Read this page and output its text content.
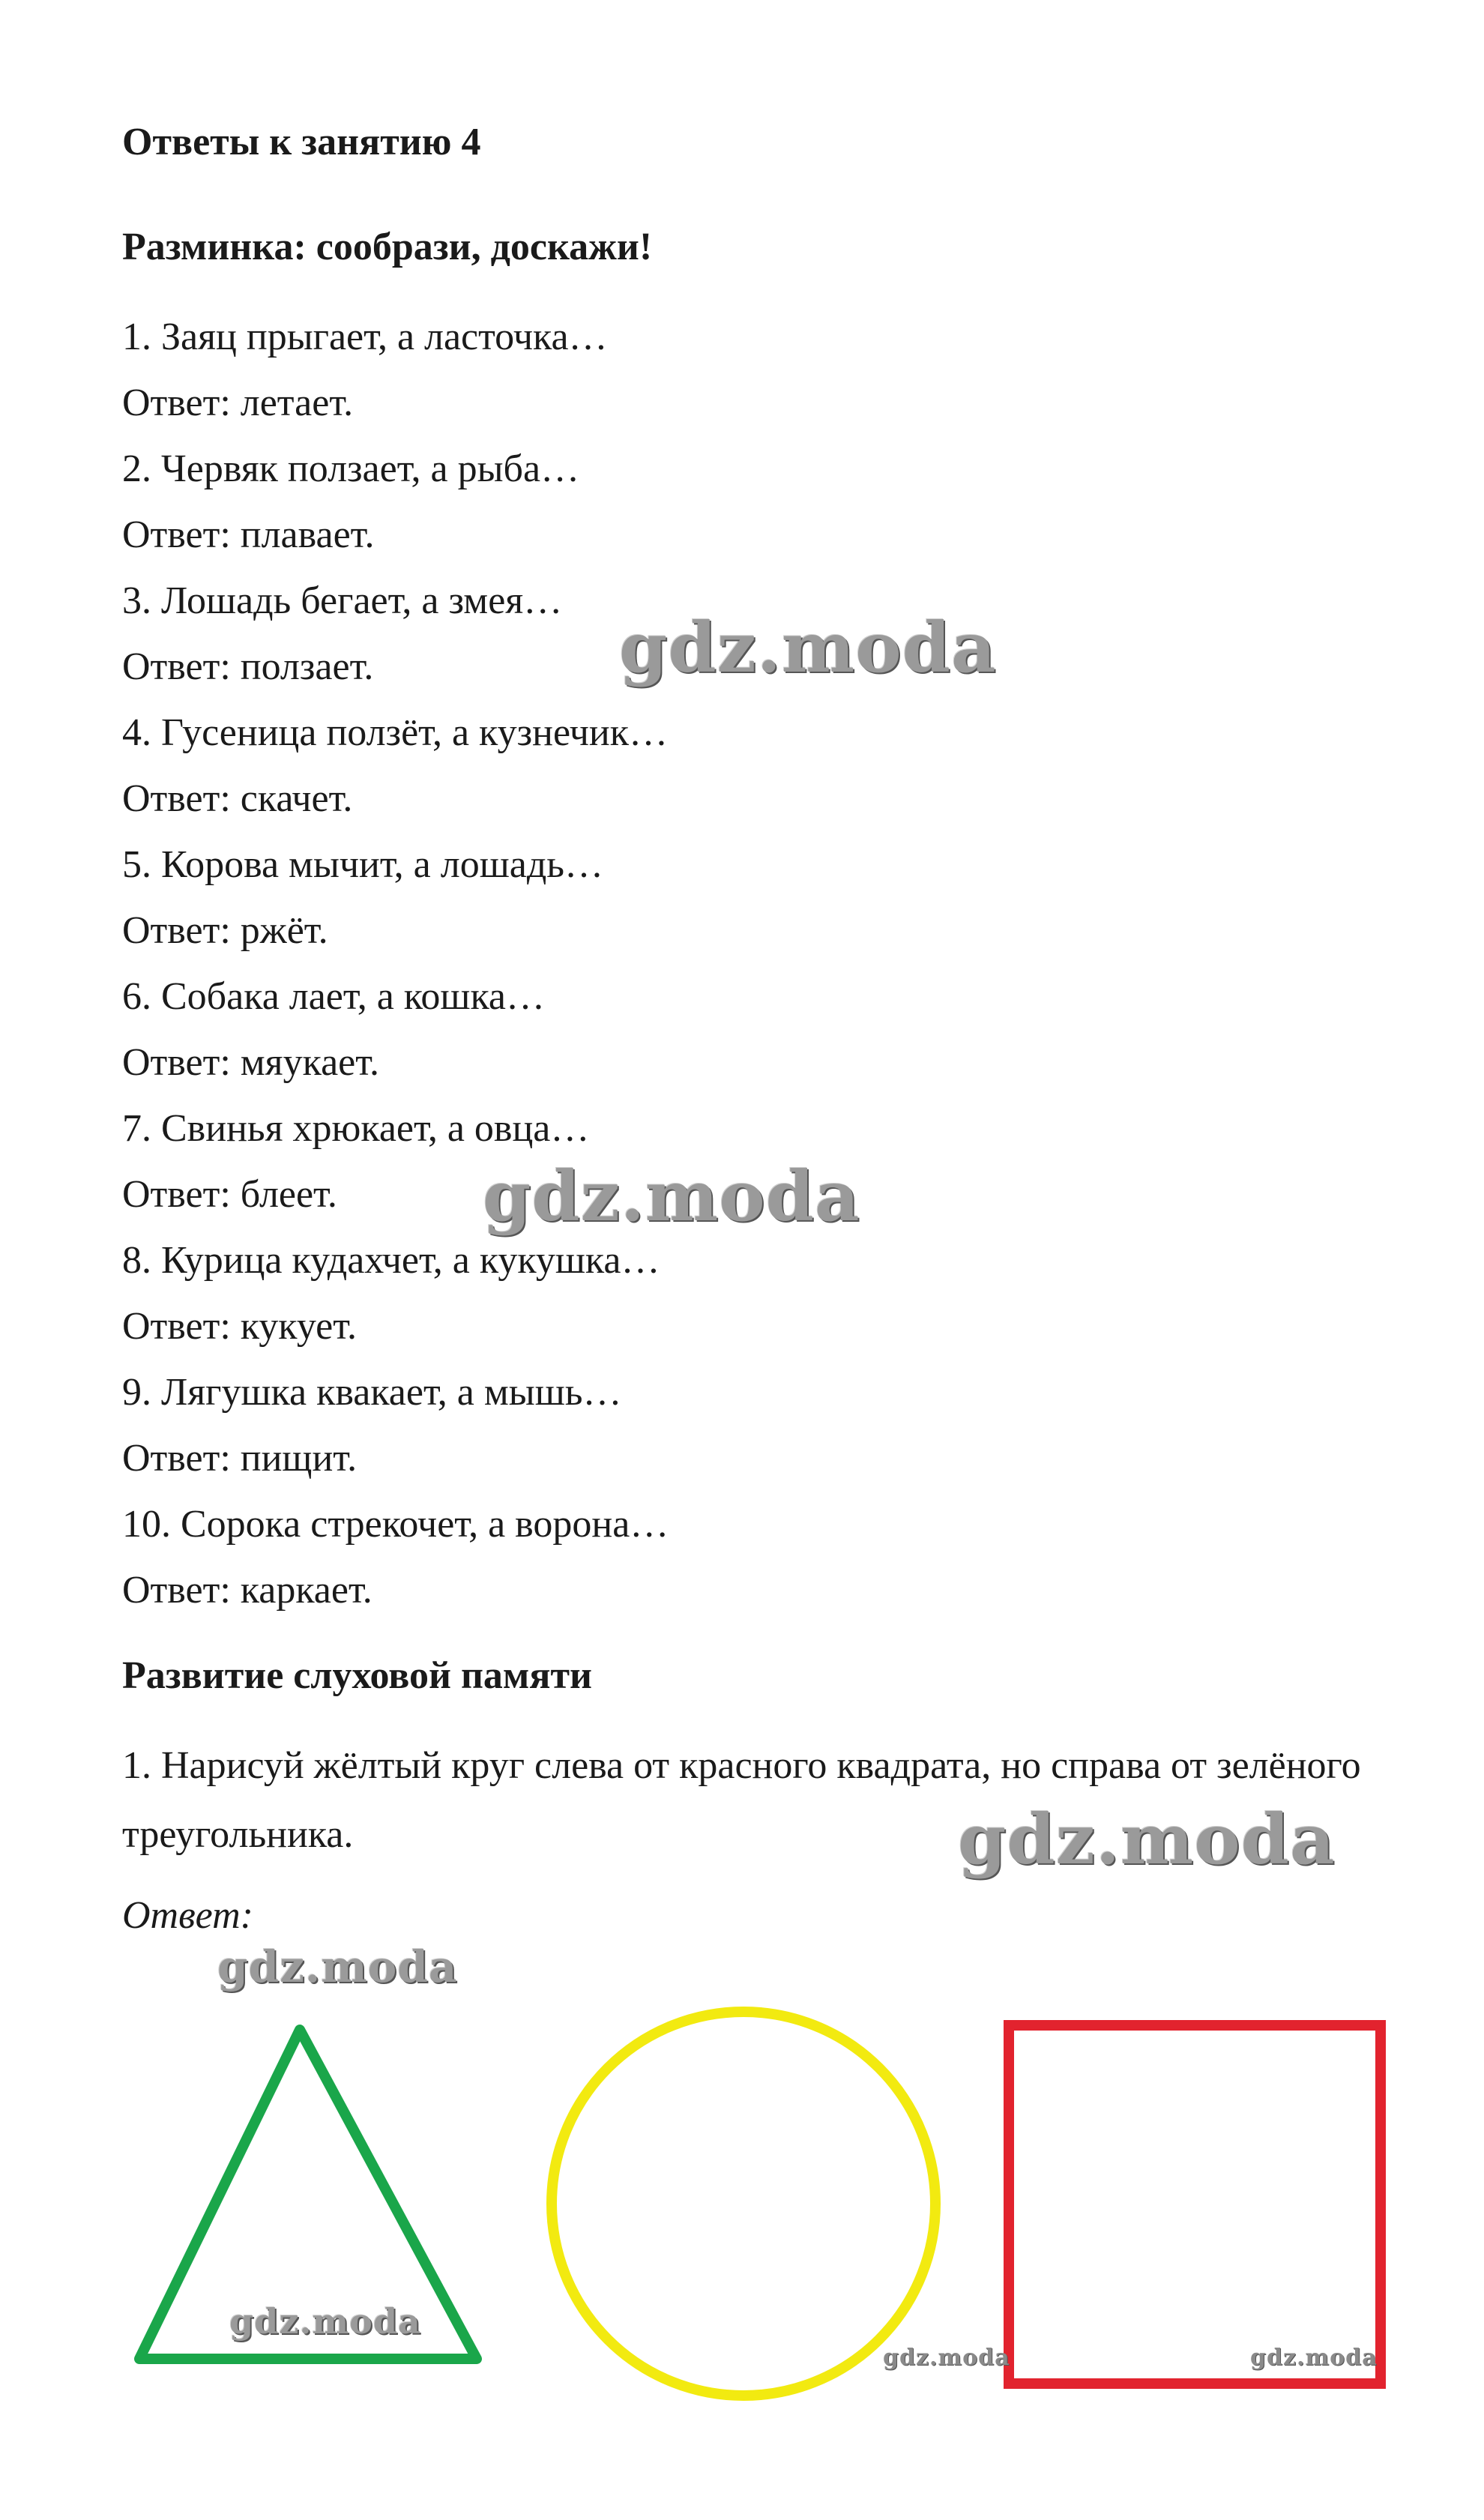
Ответы к занятию 4
Разминка: сообрази, доскажи!

1. Заяц прыгает, а ласточка…

Ответ: летает.

2. Червяк ползает, а рыба…

Ответ: плавает.

3. Лошадь бегает, а змея…

Ответ: ползает.

4. Гусеница ползёт, а кузнечик…

Ответ: скачет.

5. Корова мычит, а лошадь…

Ответ: ржёт.

6. Собака лает, а кошка…

Ответ: мяукает.

7. Свинья хрюкает, а овца…

Ответ: блеет.

8. Курица кудахчет, а кукушка…

Ответ: кукует.

9. Лягушка квакает, а мышь…

Ответ: пищит.

10. Сорока стрекочет, а ворона…

Ответ: каркает.

Развитие слуховой памяти

1. Нарисуй жёлтый круг слева от красного квадрата, но справа от зелёного треугольника.

Ответ:

gdz.moda
gdz.moda
gdz.moda
gdz.moda
gdz.moda
gdz.moda	gdz.moda
